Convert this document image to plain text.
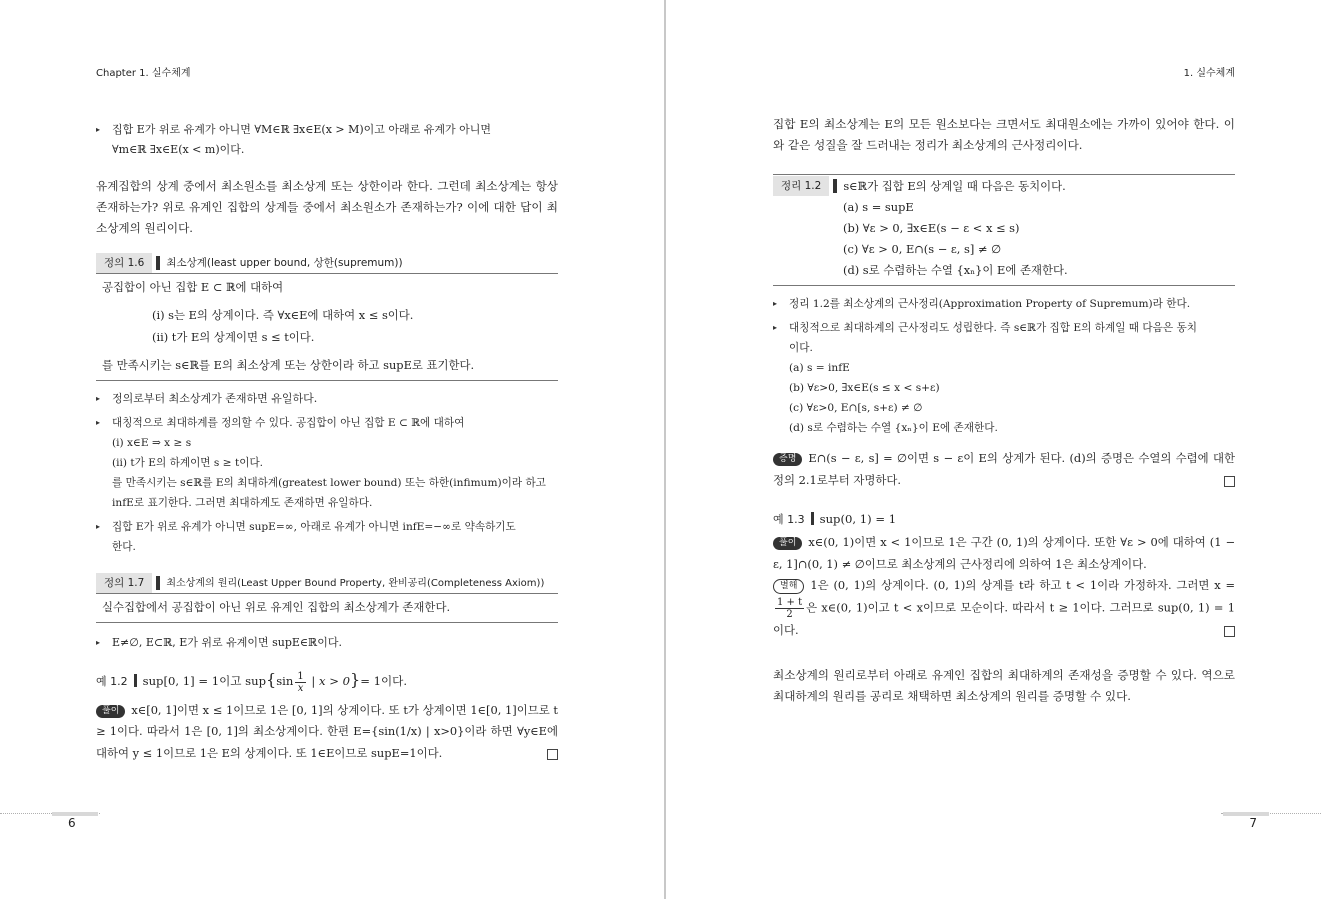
Chapter 1. 실수체계

▸ 집합 E가 위로 유계가 아니면 ∀M∈ℝ ∃x∈E(x > M)이고 아래로 유계가 아니면

∀m∈ℝ ∃x∈E(x < m)이다.

유계집합의 상계 중에서 최소원소를 최소상계 또는 상한이라 한다. 그런데 최소상계는 항상 존재하는가? 위로 유계인 집합의 상계들 중에서 최소원소가 존재하는가? 이에 대한 답이 최소상계의 원리이다.

정의 1.6	최소상계(least upper bound, 상한(supremum))

공집합이 아닌 집합 E ⊂ ℝ에 대하여

(i) s는 E의 상계이다. 즉 ∀x∈E에 대하여 x ≤ s이다.

(ii) t가 E의 상계이면 s ≤ t이다.

를 만족시키는 s∈ℝ를 E의 최소상계 또는 상한이라 하고 supE로 표기한다.

▸ 정의로부터 최소상계가 존재하면 유일하다.

▸ 대칭적으로 최대하계를 정의할 수 있다. 공집합이 아닌 집합 E ⊂ ℝ에 대하여

(i) x∈E ⇒ x ≥ s

(ii) t가 E의 하계이면 s ≥ t이다.

를 만족시키는 s∈ℝ를 E의 최대하계(greatest lower bound) 또는 하한(infimum)이라 하고

infE로 표기한다. 그러면 최대하계도 존재하면 유일하다.

▸ 집합 E가 위로 유계가 아니면 supE=∞, 아래로 유계가 아니면 infE=−∞로 약속하기도

한다.

정의 1.7	최소상계의 원리(Least Upper Bound Property, 완비공리(Completeness Axiom))

실수집합에서 공집합이 아닌 위로 유계인 집합의 최소상계가 존재한다.

▸ E≠∅, E⊂ℝ, E가 위로 유계이면 supE∈ℝ이다.

예 1.2 sup[0, 1] = 1이고 $sup\{\sin \frac{1}{x}$ | x > 0}= 1이다.

풀이 x∈[0, 1]이면 x ≤ 1이므로 1은 [0, 1]의 상계이다. 또 t가 상계이면 1∈[0, 1]이므로 t ≥ 1이다. 따라서 1은 [0, 1]의 최소상계이다. 한편 E={sin(1/x) | x>0}이라 하면 ∀y∈E에 대하여 y ≤ 1이므로 1은 E의 상계이다. 또 1∈E이므로 supE=1이다.

6
1. 실수체계

집합 E의 최소상계는 E의 모든 원소보다는 크면서도 최대원소에는 가까이 있어야 한다. 이와 같은 성질을 잘 드러내는 정리가 최소상계의 근사정리이다.

정리 1.2	s∈ℝ가 집합 E의 상계일 때 다음은 동치이다.

(a) s = supE

(b) ∀ε > 0, ∃x∈E(s − ε < x ≤ s)

(c) ∀ε > 0, E∩(s − ε, s] ≠ ∅

(d) s로 수렴하는 수열 {xₙ}이 E에 존재한다.

▸ 정리 1.2를 최소상계의 근사정리(Approximation Property of Supremum)라 한다.

▸ 대칭적으로 최대하계의 근사정리도 성립한다. 즉 s∈ℝ가 집합 E의 하계일 때 다음은 동치

이다.

(a) s = infE

(b) ∀ε>0, ∃x∈E(s ≤ x < s+ε)

(c) ∀ε>0, E∩[s, s+ε) ≠ ∅

(d) s로 수렴하는 수열 {xₙ}이 E에 존재한다.

증명 E∩(s − ε, s] = ∅이면 s − ε이 E의 상계가 된다. (d)의 증명은 수열의 수렴에 대한 정의 2.1로부터 자명하다.

예 1.3 sup(0, 1) = 1

풀이 x∈(0, 1)이면 x < 1이므로 1은 구간 (0, 1)의 상계이다. 또한 ∀ε > 0에 대하여 (1 − ε, 1]∩(0, 1) ≠ ∅이므로 최소상계의 근사정리에 의하여 1은 최소상계이다.

별해 1은 (0, 1)의 상계이다. (0, 1)의 상계를 t라 하고 t < 1이라 가정하자. 그러면 x =
$\frac{1 + t}{2}$ 은 x∈(0, 1)이고 t < x이므로 모순이다. 따라서 t ≥ 1이다. 그러므로 sup(0, 1) = 1이다.

최소상계의 원리로부터 아래로 유계인 집합의 최대하계의 존재성을 증명할 수 있다. 역으로 최대하계의 원리를 공리로 채택하면 최소상계의 원리를 증명할 수 있다.

7
